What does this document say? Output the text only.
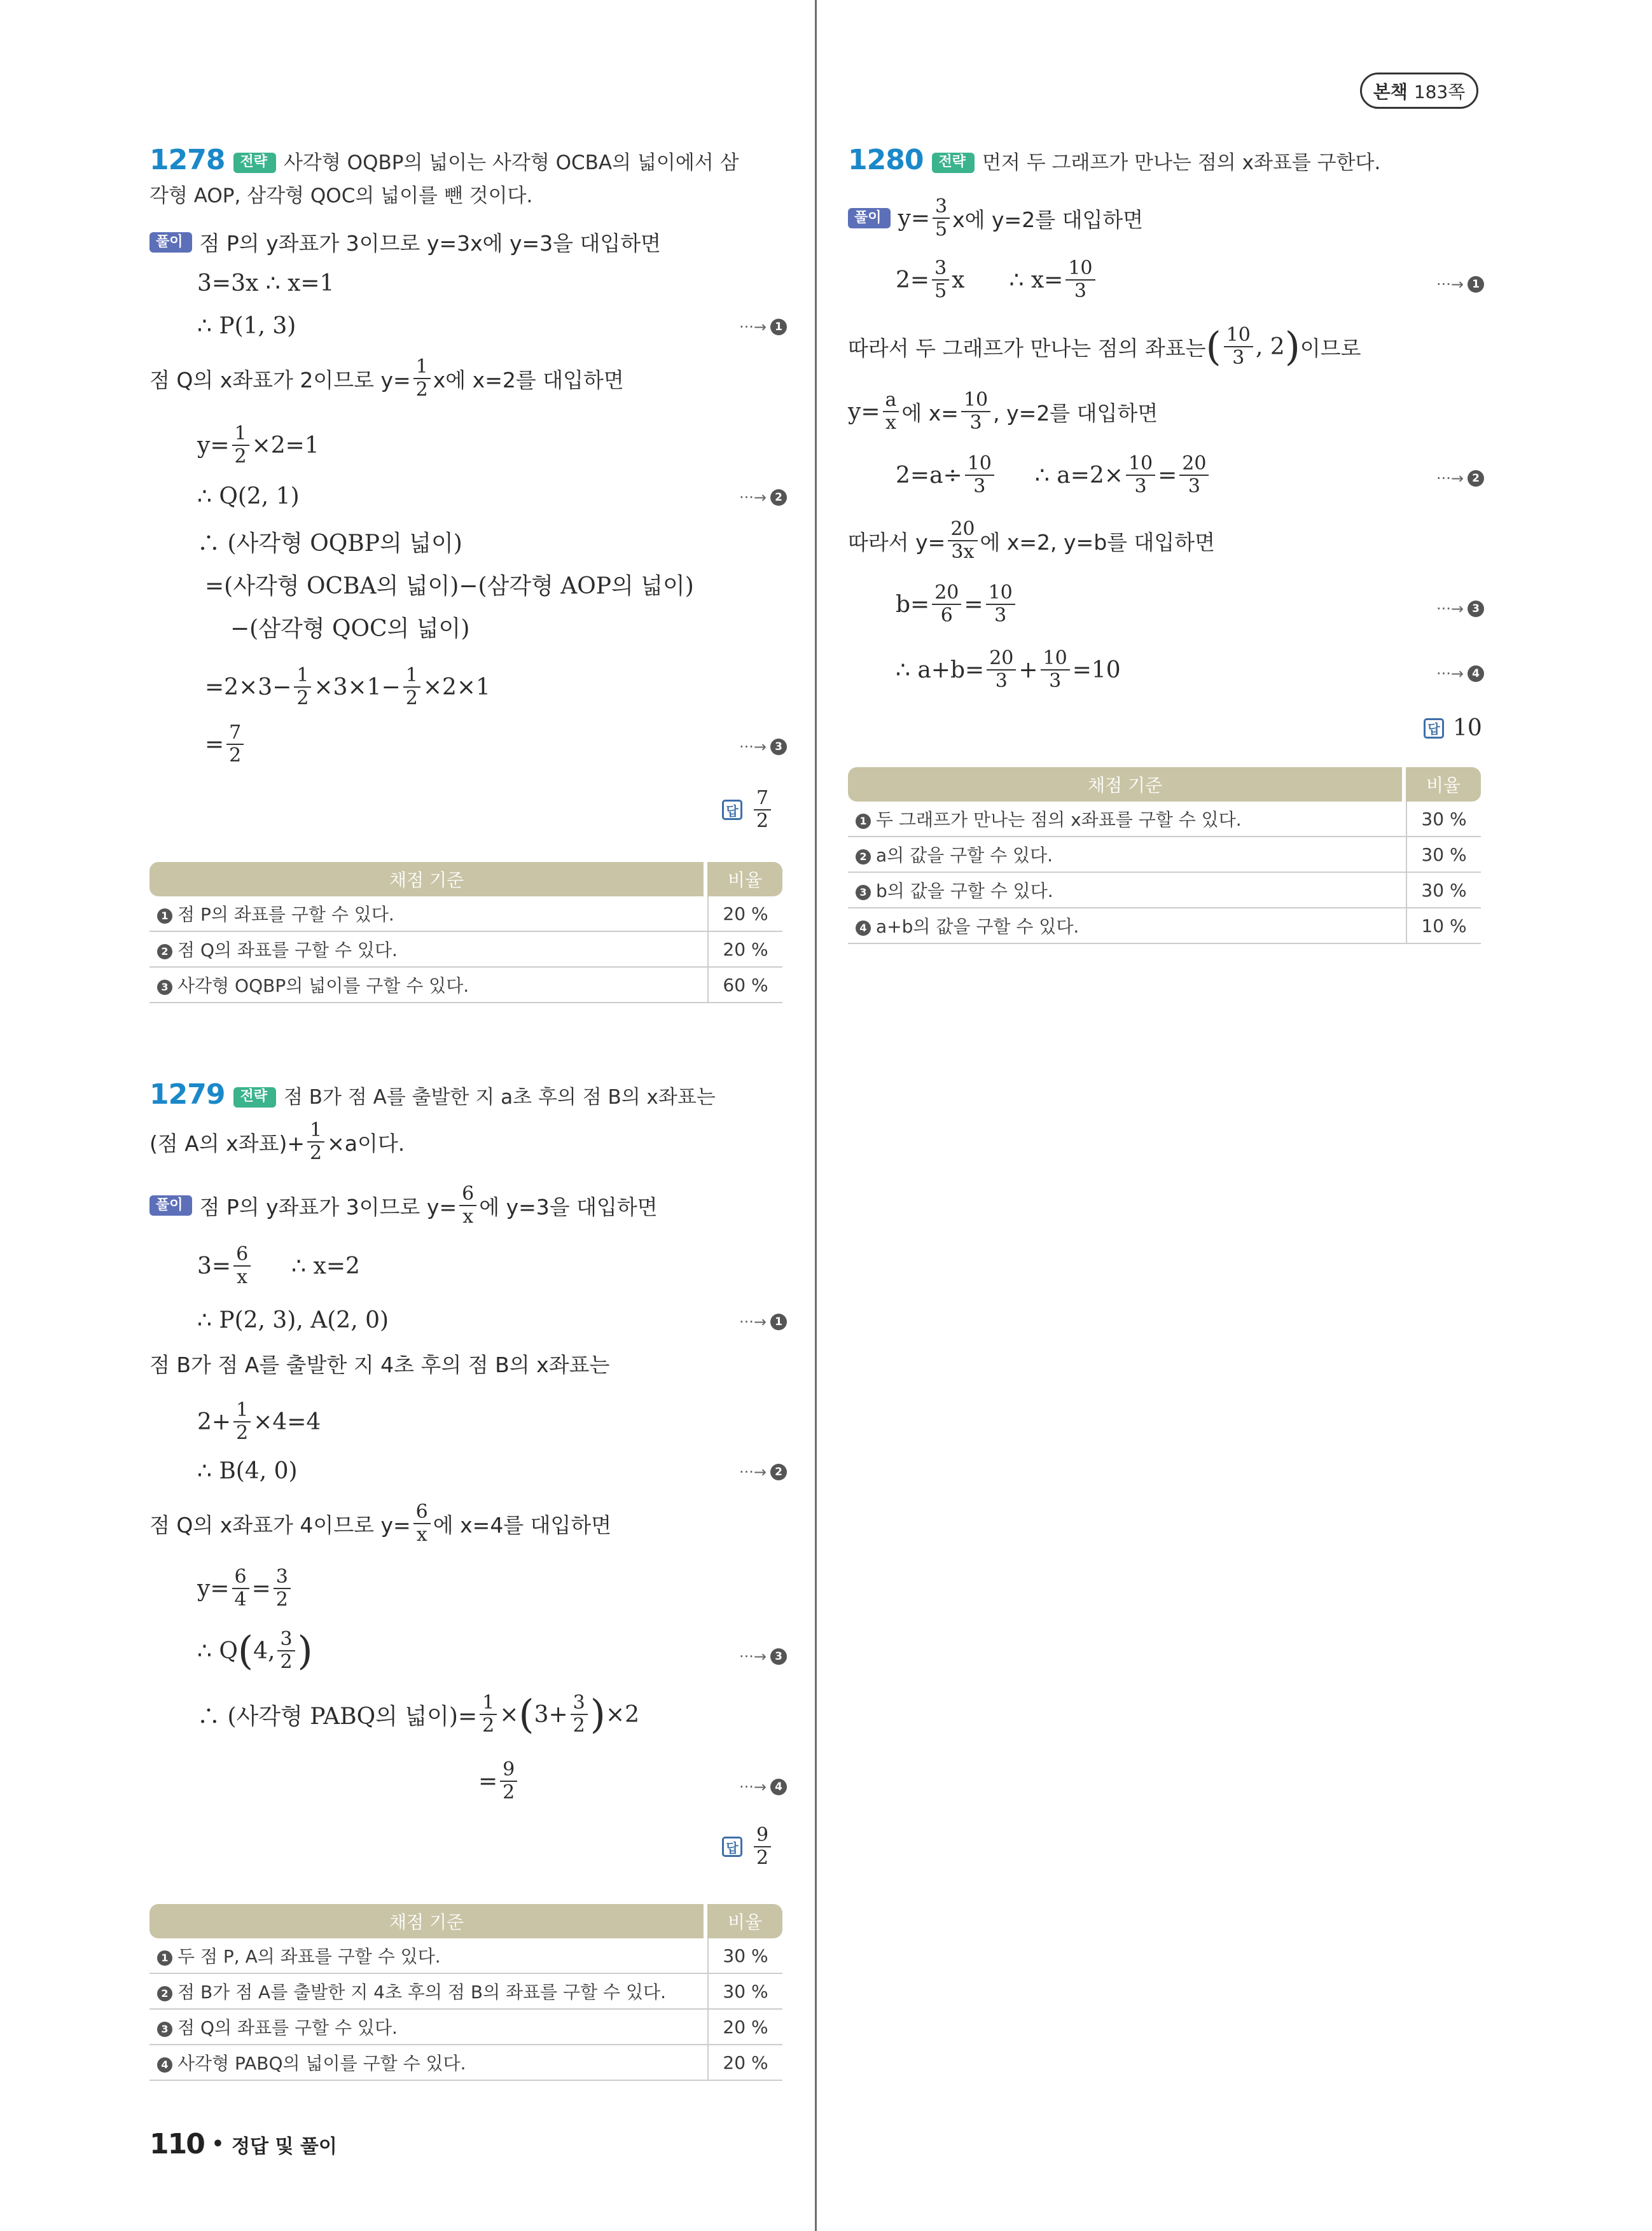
본책 183쪽
1278 전략 사각형 OQBP의 넓이는 사각형 OCBA의 넓이에서 삼
각형 AOP, 삼각형 QOC의 넓이를 뺀 것이다.
풀이 점 P의 y좌표가 3이므로 y=3x에 y=3을 대입하면
3=3x ∴ x=1
∴ P(1, 3)	···→ 1
점 Q의 x좌표가 2이므로 $y= \frac{1}{2}$ x에 x=2를 대입하면
$y= \frac{1}{2} \times 2=1$
∴ Q(2, 1)	···→ 2
∴ (사각형 OQBP의 넓이)
=(사각형 OCBA의 넓이)−(삼각형 AOP의 넓이)
−(삼각형 QOC의 넓이)
$=2\times 3- \frac{1}{2} \times 3\times 1- \frac{1}{2} \times 2\times 1$
= $\frac{7}{2}$	···→ 3
답 $\frac{7}{2}$
채점 기준	비율
1 점 P의 좌표를 구할 수 있다.	20 %
2 점 Q의 좌표를 구할 수 있다.	20 %
3 사각형 OQBP의 넓이를 구할 수 있다.	60 %
1279 전략 점 B가 점 A를 출발한 지 a초 후의 점 B의 x좌표는
(점 A의 x좌표)+ $\frac{1}{2} \times a$이다.
풀이 점 P의 y좌표가 3이므로 $y= \frac{6}{x}$ 에 y=3을 대입하면
$3= \frac{6}{x}$ ∴ x=2
∴ P(2, 3), A(2, 0)	···→ 1
점 B가 점 A를 출발한 지 4초 후의 점 B의 x좌표는
$2+ \frac{1}{2} \times 4=4$
∴ B(4, 0)	···→ 2
점 Q의 x좌표가 4이므로 $y= \frac{6}{x}$ 에 x=4를 대입하면
$y= \frac{6}{4} = \frac{3}{2}$
∴ Q ( 4, $\frac{3}{2}$ )	···→ 3
∴ (사각형 PABQ의 넓이)= $\frac{1}{2}$ × ( $3+ \frac{3}{2}$ ) ×2
= $\frac{9}{2}$	···→ 4
답 $\frac{9}{2}$
채점 기준	비율
1 두 점 P, A의 좌표를 구할 수 있다.	30 %
2 점 B가 점 A를 출발한 지 4초 후의 점 B의 좌표를 구할 수 있다.	30 %
3 점 Q의 좌표를 구할 수 있다.	20 %
4 사각형 PABQ의 넓이를 구할 수 있다.	20 %
1280 전략 먼저 두 그래프가 만나는 점의 x좌표를 구한다.
풀이 $y= \frac{3}{5}$ x에 y=2를 대입하면
$2= \frac{3}{5}$ x ∴ $x= \frac{10}{3}$	···→ 1
따라서 두 그래프가 만나는 점의 좌표는 ( $\frac{10}{3}$ , 2 ) 이므로
$y= \frac{a}{x}$ 에 $x= \frac{10}{3}$ , y=2를 대입하면
$2=a\div \frac{10}{3}$ ∴ $a=2\times \frac{10}{3} = \frac{20}{3}$	···→ 2
따라서 $y= \frac{20}{3x}$ 에 x=2, y=b를 대입하면
$b= \frac{20}{6} = \frac{10}{3}$	···→ 3
∴ $a+b= \frac{20}{3} + \frac{10}{3} =10$	···→ 4
답 10
채점 기준	비율
1 두 그래프가 만나는 점의 x좌표를 구할 수 있다.	30 %
2 a의 값을 구할 수 있다.	30 %
3 b의 값을 구할 수 있다.	30 %
4 a+b의 값을 구할 수 있다.	10 %
110 • 정답 및 풀이
